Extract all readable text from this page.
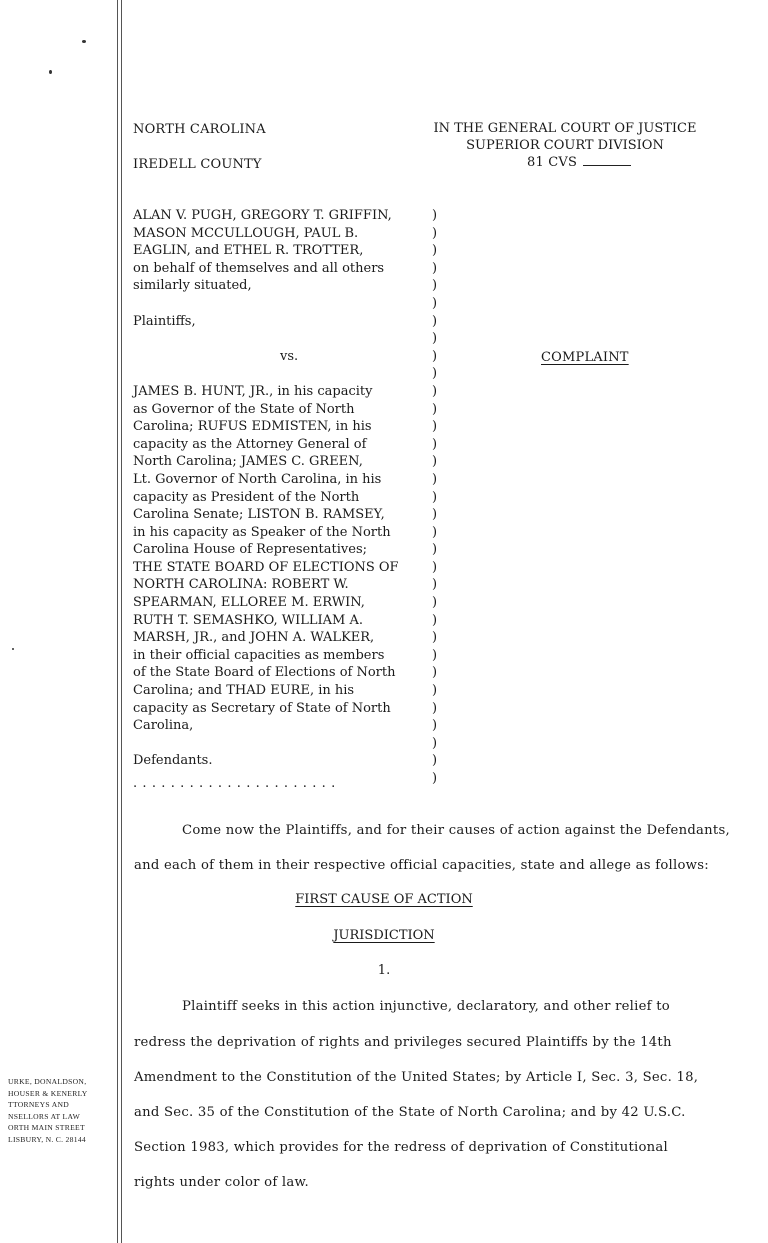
NORTH CAROLINA
IREDELL COUNTY
IN THE GENERAL COURT OF JUSTICE
SUPERIOR COURT DIVISION
81 CVS
ALAN V. PUGH, GREGORY T. GRIFFIN,
MASON MCCULLOUGH, PAUL B.
EAGLIN, and ETHEL R. TROTTER,
on behalf of themselves and all others
similarly situated,
Plaintiffs,
vs.
JAMES B. HUNT, JR., in his capacity
as Governor of the State of North
Carolina; RUFUS EDMISTEN, in his
capacity as the Attorney General of
North Carolina; JAMES C. GREEN,
Lt. Governor of North Carolina, in his
capacity as President of the North
Carolina Senate; LISTON B. RAMSEY,
in his capacity as Speaker of the North
Carolina House of Representatives;
THE STATE BOARD OF ELECTIONS OF
NORTH CAROLINA: ROBERT W.
SPEARMAN, ELLOREE M. ERWIN,
RUTH T. SEMASHKO, WILLIAM A.
MARSH, JR., and JOHN A. WALKER,
in their official capacities as members
of the State Board of Elections of North
Carolina; and THAD EURE, in his
capacity as Secretary of State of North
Carolina,
Defendants.
)
)
)
)
)
)
)
)
)
)
)
)
)
)
)
)
)
)
)
)
)
)
)
)
)
)
)
)
)
)
)
)
)
......................
COMPLAINT
Come now the Plaintiffs, and for their causes of action against the Defendants,
and each of them in their respective official capacities, state and allege as follows:
FIRST CAUSE OF ACTION
JURISDICTION
1.
Plaintiff seeks in this action injunctive, declaratory, and other relief to
redress the deprivation of rights and privileges secured Plaintiffs by the 14th
Amendment to the Constitution of the United States; by Article I, Sec. 3, Sec. 18,
and Sec. 35 of the Constitution of the State of North Carolina; and by 42 U.S.C.
Section 1983, which provides for the redress of deprivation of Constitutional
rights under color of law.
URKE, DONALDSON,
HOUSER & KENERLY
TTORNEYS AND
NSELLORS AT LAW
ORTH MAIN STREET
LISBURY, N. C. 28144
